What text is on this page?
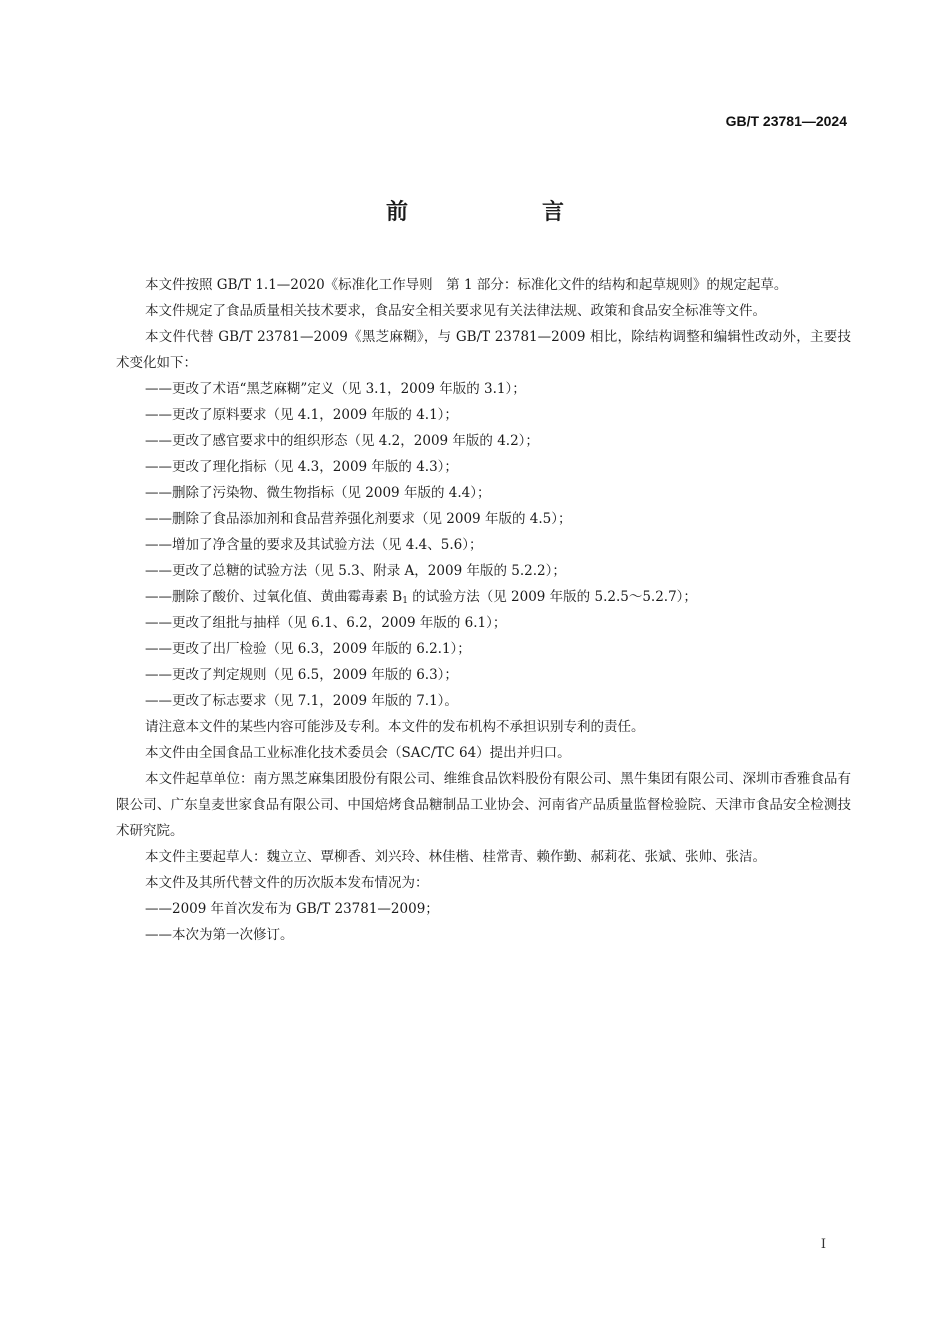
GB/T 23781—2024
前　言

本文件按照 GB/T 1.1—2020《标准化工作导则　第 1 部分：标准化文件的结构和起草规则》的规定起草。

本文件规定了食品质量相关技术要求，食品安全相关要求见有关法律法规、政策和食品安全标准等文件。

本文件代替 GB/T 23781—2009《黑芝麻糊》，与 GB/T 23781—2009 相比，除结构调整和编辑性改动外，主要技术变化如下：

——更改了术语“黑芝麻糊”定义（见 3.1，2009 年版的 3.1）；

——更改了原料要求（见 4.1，2009 年版的 4.1）；

——更改了感官要求中的组织形态（见 4.2，2009 年版的 4.2）；

——更改了理化指标（见 4.3，2009 年版的 4.3）；

——删除了污染物、微生物指标（见 2009 年版的 4.4）；

——删除了食品添加剂和食品营养强化剂要求（见 2009 年版的 4.5）；

——增加了净含量的要求及其试验方法（见 4.4、5.6）；

——更改了总糖的试验方法（见 5.3、附录 A，2009 年版的 5.2.2）；

——删除了酸价、过氧化值、黄曲霉毒素 $B_1$ 的试验方法（见 2009 年版的 5.2.5～5.2.7）；

——更改了组批与抽样（见 6.1、6.2，2009 年版的 6.1）；

——更改了出厂检验（见 6.3，2009 年版的 6.2.1）；

——更改了判定规则（见 6.5，2009 年版的 6.3）；

——更改了标志要求（见 7.1，2009 年版的 7.1）。

请注意本文件的某些内容可能涉及专利。本文件的发布机构不承担识别专利的责任。

本文件由全国食品工业标准化技术委员会（SAC/TC 64）提出并归口。

本文件起草单位：南方黑芝麻集团股份有限公司、维维食品饮料股份有限公司、黑牛集团有限公司、深圳市香雅食品有限公司、广东皇麦世家食品有限公司、中国焙烤食品糖制品工业协会、河南省产品质量监督检验院、天津市食品安全检测技术研究院。

本文件主要起草人：魏立立、覃柳香、刘兴玲、林佳楷、桂常青、赖作勤、郝莉花、张斌、张帅、张洁。

本文件及其所代替文件的历次版本发布情况为：

——2009 年首次发布为 GB/T 23781—2009；

——本次为第一次修订。

I
